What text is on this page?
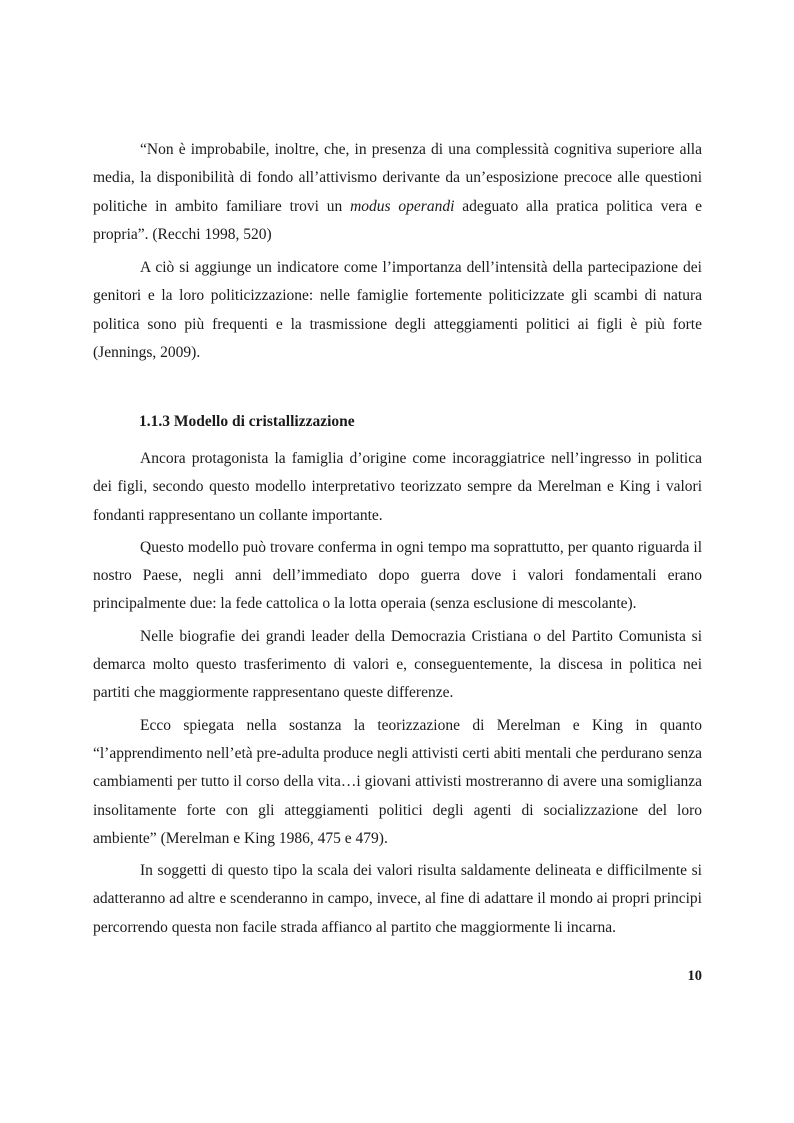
“Non è improbabile, inoltre, che, in presenza di una complessità cognitiva superiore alla media, la disponibilità di fondo all’attivismo derivante da un’esposizione precoce alle questioni politiche in ambito familiare trovi un modus operandi adeguato alla pratica politica vera e propria”. (Recchi 1998, 520)

A ciò si aggiunge un indicatore come l’importanza dell’intensità della partecipazione dei genitori e la loro politicizzazione: nelle famiglie fortemente politicizzate gli scambi di natura politica sono più frequenti e la trasmissione degli atteggiamenti politici ai figli è più forte (Jennings, 2009).

1.1.3 Modello di cristallizzazione

Ancora protagonista la famiglia d’origine come incoraggiatrice nell’ingresso in politica dei figli, secondo questo modello interpretativo teorizzato sempre da Merelman e King i valori fondanti rappresentano un collante importante.

Questo modello può trovare conferma in ogni tempo ma soprattutto, per quanto riguarda il nostro Paese, negli anni dell’immediato dopo guerra dove i valori fondamentali erano principalmente due: la fede cattolica o la lotta operaia (senza esclusione di mescolante).

Nelle biografie dei grandi leader della Democrazia Cristiana o del Partito Comunista si demarca molto questo trasferimento di valori e, conseguentemente, la discesa in politica nei partiti che maggiormente rappresentano queste differenze.

Ecco spiegata nella sostanza la teorizzazione di Merelman e King in quanto “l’apprendimento nell’età pre-adulta produce negli attivisti certi abiti mentali che perdurano senza cambiamenti per tutto il corso della vita…i giovani attivisti mostreranno di avere una somiglianza insolitamente forte con gli atteggiamenti politici degli agenti di socializzazione del loro ambiente” (Merelman e King 1986, 475 e 479).

In soggetti di questo tipo la scala dei valori risulta saldamente delineata e difficilmente si adatteranno ad altre e scenderanno in campo, invece, al fine di adattare il mondo ai propri principi percorrendo questa non facile strada affianco al partito che maggiormente li incarna.

10
